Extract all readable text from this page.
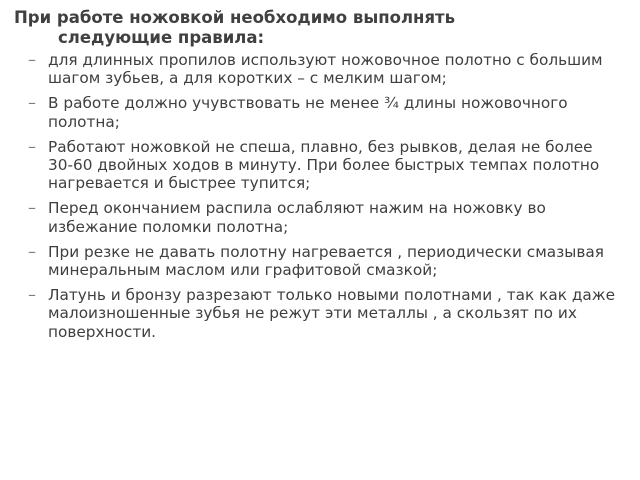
При работе ножовкой необходимо выполнять
следующие правила:
– для длинных пропилов используют ножовочное полотно с большим шагом зубьев, а для коротких – с мелким шагом;
– В работе должно учувствовать не менее ¾ длины ножовочного полотна;
– Работают ножовкой не спеша, плавно, без рывков, делая не более 30-60 двойных ходов в минуту. При более быстрых темпах полотно нагревается и быстрее тупится;
– Перед окончанием распила ослабляют нажим на ножовку во избежание поломки полотна;
– При резке не давать полотну нагревается , периодически смазывая минеральным маслом или графитовой смазкой;
– Латунь и бронзу разрезают только новыми полотнами , так как даже малоизношенные зубья не режут эти металлы , а скользят по их поверхности.
